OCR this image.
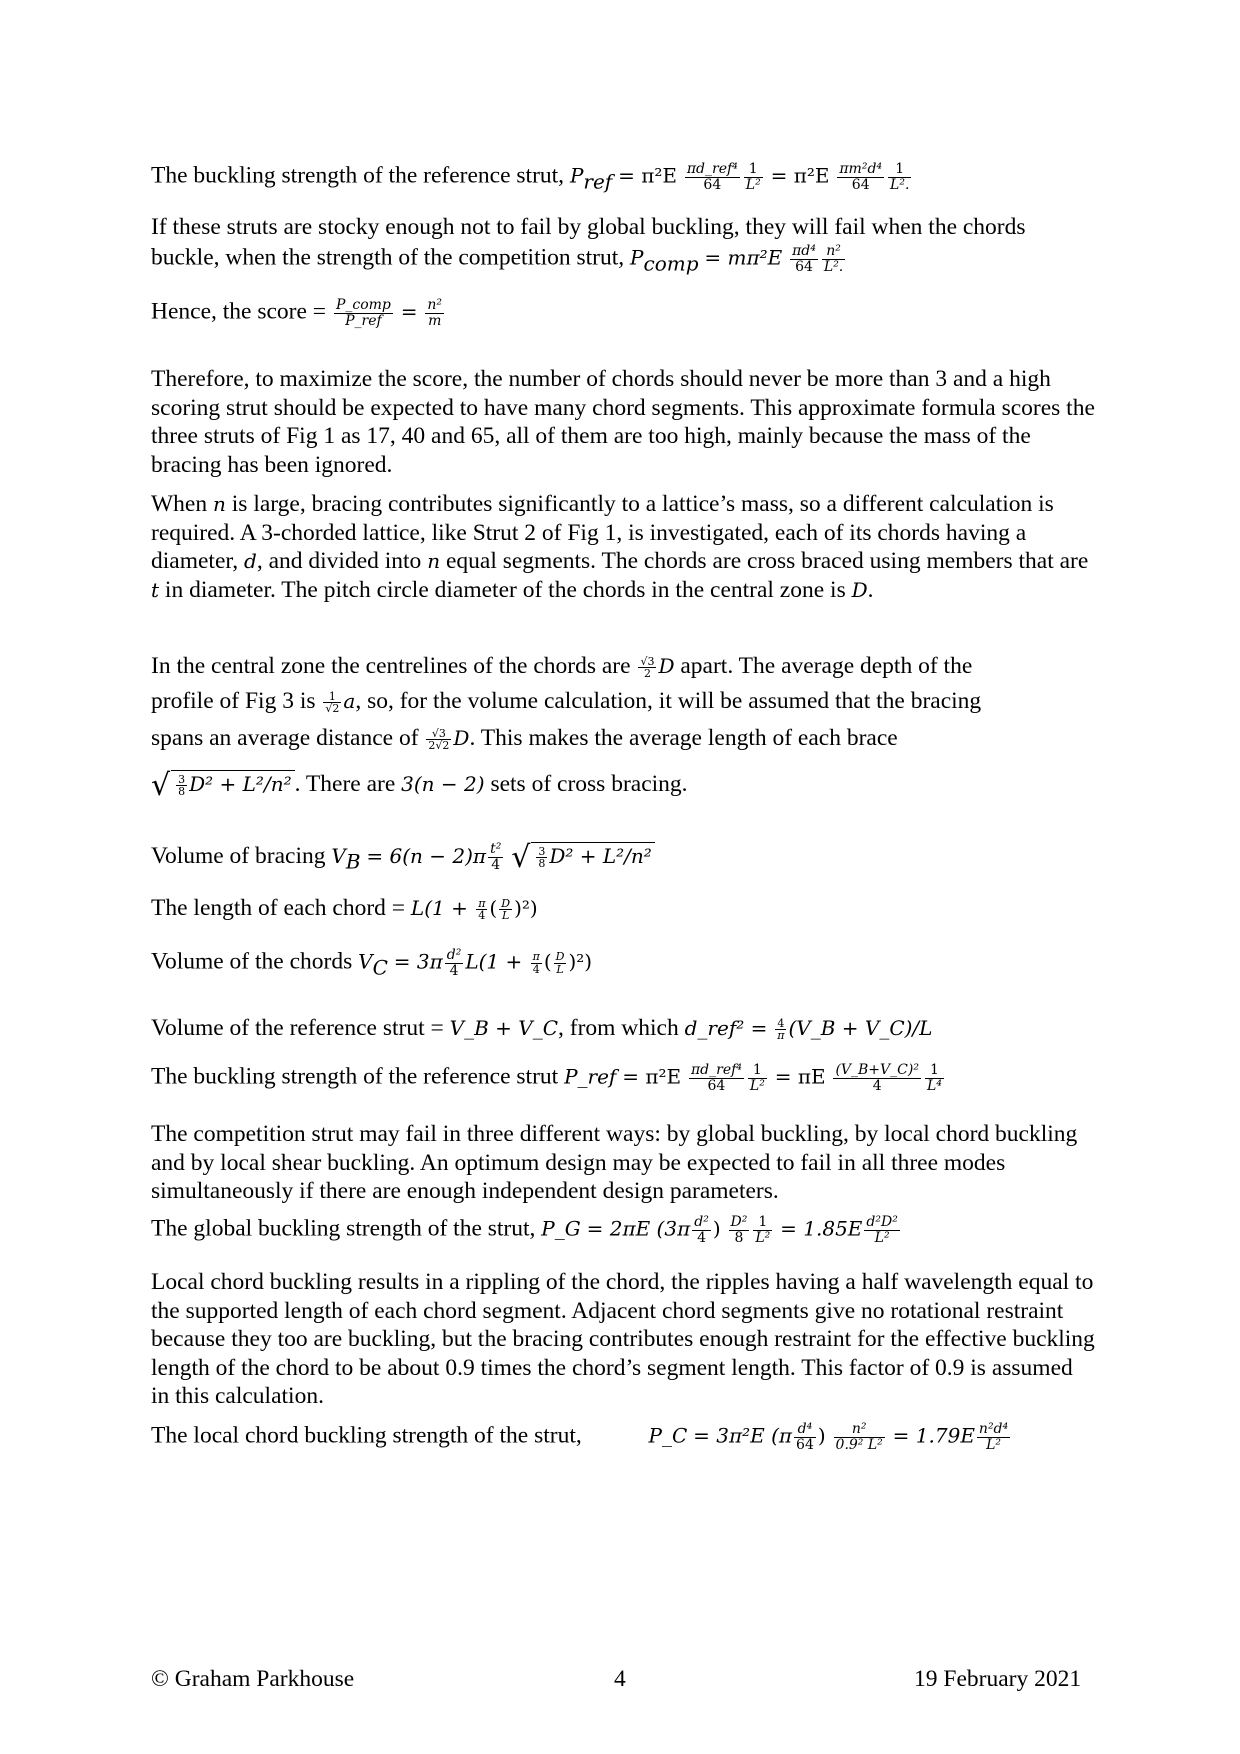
The buckling strength of the reference strut, $P_{ref} = \pi^2E \frac{\text{πd\_ref⁴}}{64} \frac{1}{\text{L²}} = \pi^2E \frac{\text{πm²d⁴}}{64} \frac{1}{\text{L².}}$
If these struts are stocky enough not to fail by global buckling, they will fail when the chords
buckle, when the strength of the competition strut, $P_{comp} = m\pi^2E \frac{\text{πd⁴}}{64} \frac{\text{n²}}{\text{L².}}$
Hence, the score = $\frac{\text{P\_comp}}{\text{P\_ref}} = \frac{\text{n²}}{m}$
Therefore, to maximize the score, the number of chords should never be more than 3 and a high scoring strut should be expected to have many chord segments. This approximate formula scores the three struts of Fig 1 as 17, 40 and 65, all of them are too high, mainly because the mass of the bracing has been ignored.
When n is large, bracing contributes significantly to a lattice’s mass, so a different calculation is required. A 3-chorded lattice, like Strut 2 of Fig 1, is investigated, each of its chords having a diameter, d, and divided into n equal segments. The chords are cross braced using members that are t in diameter. The pitch circle diameter of the chords in the central zone is D.
In the central zone the centrelines of the chords are $\frac{√3}{2}$ D apart. The average depth of the
profile of Fig 3 is $\frac{1}{√2} a$, so, for the volume calculation, it will be assumed that the bracing
spans an average distance of $\frac{√3}{2√2} D$. This makes the average length of each brace
√ $\frac{3}{8} D^2 + L^2/n^2$ . There are 3(n − 2) sets of cross bracing.
Volume of bracing $V_B = 6(n - 2)\pi \frac{\text{t²}}{4}$ √ $\frac{3}{8} D^2 + L^2/n^2$
The length of each chord = $L(1 + \frac{\pi}{4}$ ( $\frac{D}{L} )^2$)
Volume of the chords $V_C = 3\pi \frac{\text{d²}}{4} L(1 + \frac{\pi}{4}$ ( $\frac{D}{L} )^2$)
Volume of the reference strut = V_B + V_C, from which d_ref² = $\frac{4}{\pi}$ (V_B + V_C)/L
The buckling strength of the reference strut P_ref = $\pi^2E \frac{\text{πd\_ref⁴}}{64} \frac{1}{\text{L²}} = \pi E \frac{\text{(V\_B+V\_C)²}}{4} \frac{1}{\text{L⁴}}$
The competition strut may fail in three different ways: by global buckling, by local chord buckling and by local shear buckling. An optimum design may be expected to fail in all three modes simultaneously if there are enough independent design parameters.
The global buckling strength of the strut, P_G = 2πE ($3\pi \frac{\text{d²}}{4}$ ) $\frac{\text{D²}}{8} \frac{1}{\text{L²}} = 1.85E \frac{\text{d²D²}}{\text{L²}}$
Local chord buckling results in a rippling of the chord, the ripples having a half wavelength equal to the supported length of each chord segment. Adjacent chord segments give no rotational restraint because they too are buckling, but the bracing contributes enough restraint for the effective buckling length of the chord to be about 0.9 times the chord’s segment length. This factor of 0.9 is assumed in this calculation.
The local chord buckling strength of the strut,	P_C = 3π²E ($\pi \frac{\text{d⁴}}{64}$ ) $\frac{\text{n²}}{\text{0.9² L²}} = 1.79E \frac{\text{n²d⁴}}{\text{L²}}$
© Graham Parkhouse	4	19 February 2021
